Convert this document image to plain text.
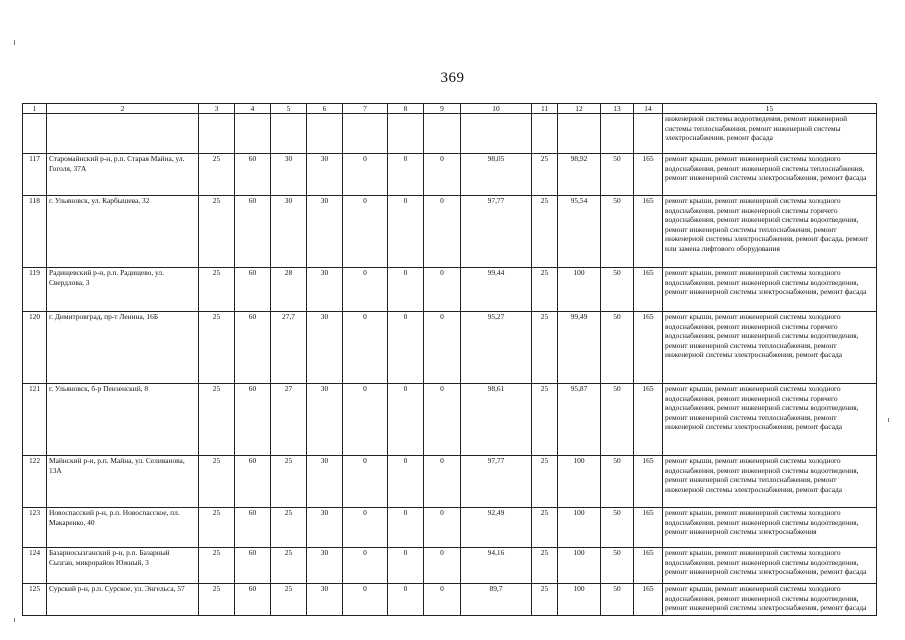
369
1	2	3	4	5	6	7	8	9	10	11	12	13	14	15
														инженерной системы водоотведения, ремонт инженерной системы теплоснабжения, ремонт инженерной системы электроснабжения, ремонт фасада
117	Старомайнский р-н, р.п. Старая Майна, ул. Гоголя, 37А	25	60	30	30	0	0	0	98,05	25	98,92	50	165	ремонт крыши, ремонт инженерной системы холодного водоснабжения, ремонт инженерной системы теплоснабжения, ремонт инженерной системы электроснабжения, ремонт фасада
118	г. Ульяновск, ул. Карбышева, 32	25	60	30	30	0	0	0	97,77	25	95,54	50	165	ремонт крыши, ремонт инженерной системы холодного водоснабжения, ремонт инженерной системы горячего водоснабжения, ремонт инженерной системы водоотведения, ремонт инженерной системы теплоснабжения, ремонт инженерной системы электроснабжения, ремонт фасада, ремонт или замена лифтового оборудования
119	Радищевский р-н, р.п. Радищево, ул. Свердлова, 3	25	60	28	30	0	0	0	99,44	25	100	50	165	ремонт крыши, ремонт инженерной системы холодного водоснабжения, ремонт инженерной системы водоотведения, ремонт инженерной системы электроснабжения, ремонт фасада
120	г. Димитровград, пр-т Ленина, 16Б	25	60	27,7	30	0	0	0	95,27	25	99,49	50	165	ремонт крыши, ремонт инженерной системы холодного водоснабжения, ремонт инженерной системы горячего водоснабжения, ремонт инженерной системы водоотведения, ремонт инженерной системы теплоснабжения, ремонт инженерной системы электроснабжения, ремонт фасада
121	г. Ульяновск, б-р Пензенский, 8	25	60	27	30	0	0	0	98,61	25	95,87	50	165	ремонт крыши, ремонт инженерной системы холодного водоснабжения, ремонт инженерной системы горячего водоснабжения, ремонт инженерной системы водоотведения, ремонт инженерной системы теплоснабжения, ремонт инженерной системы электроснабжения, ремонт фасада
122	Майнский р-н, р.п. Майна, ул. Селиванова, 13А	25	60	25	30	0	0	0	97,77	25	100	50	165	ремонт крыши, ремонт инженерной системы холодного водоснабжения, ремонт инженерной системы водоотведения, ремонт инженерной системы теплоснабжения, ремонт инженерной системы электроснабжения, ремонт фасада
123	Новоспасский р-н, р.п. Новоспасское, пл. Макаренко, 40	25	60	25	30	0	0	0	92,49	25	100	50	165	ремонт крыши, ремонт инженерной системы холодного водоснабжения, ремонт инженерной системы водоотведения, ремонт инженерной системы электроснабжения
124	Базарносызганский р-н, р.п. Базарный Сызган, микрорайон Южный, 3	25	60	25	30	0	0	0	94,16	25	100	50	165	ремонт крыши, ремонт инженерной системы холодного водоснабжения, ремонт инженерной системы водоотведения, ремонт инженерной системы электроснабжения, ремонт фасада
125	Сурский р-н, р.п. Сурское, ул. Энгельса, 57	25	60	25	30	0	0	0	89,7	25	100	50	165	ремонт крыши, ремонт инженерной системы холодного водоснабжения, ремонт инженерной системы водоотведения, ремонт инженерной системы электроснабжения, ремонт фасада
